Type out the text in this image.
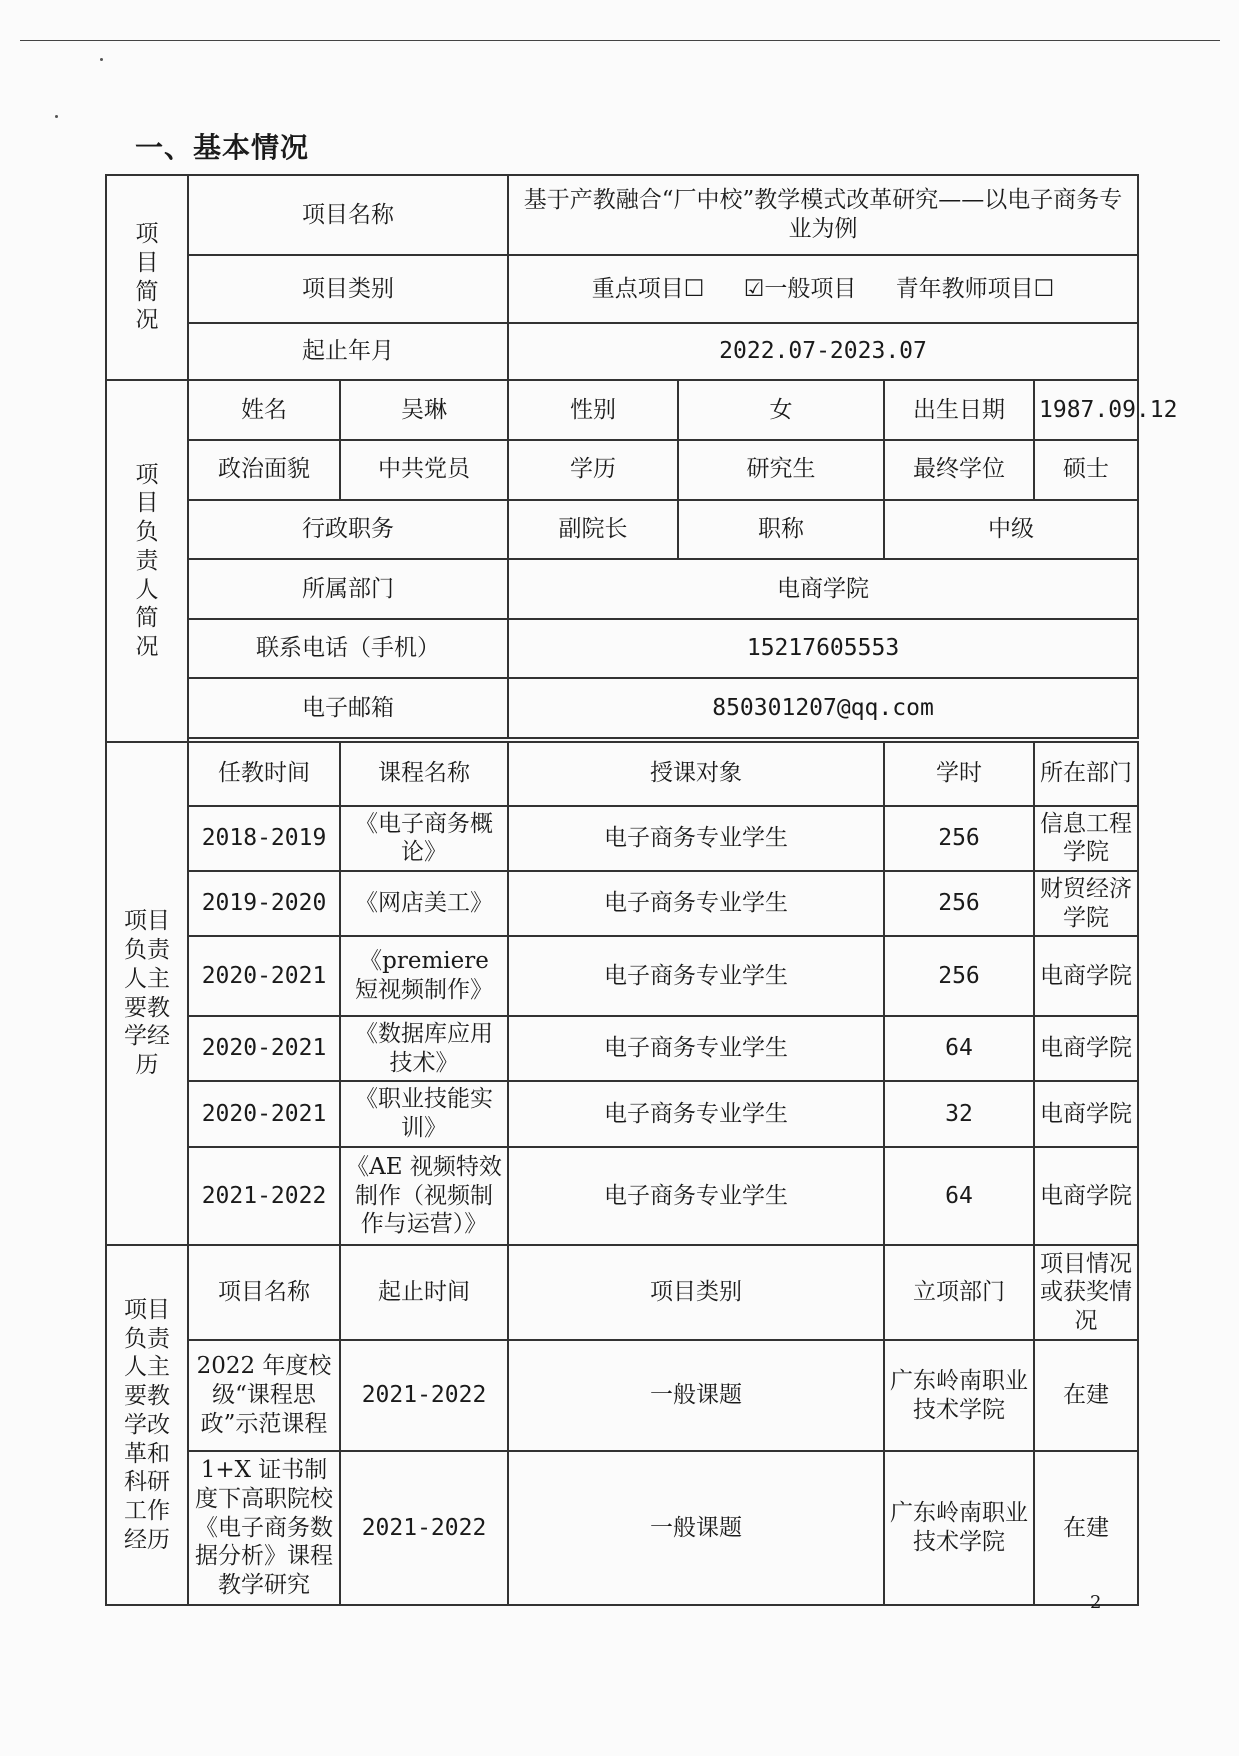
一、基本情况
项目简况	项目名称		基于产教融合“厂中校”教学模式改革研究——以电子商务专业为例			
	项目类别		重点项目☐ ☑一般项目 青年教师项目☐			
	起止年月		2022.07-2023.07			
项目负责人简况	姓名	吴琳	性别	女	出生日期	1987.09.12
	政治面貌	中共党员	学历	研究生	最终学位	硕士
	行政职务		副院长	职称	中级	
	所属部门		电商学院			
	联系电话（手机）		15217605553			
	电子邮箱		850301207@qq.com			

项目负责人主要教学经历	任教时间	课程名称	授课对象		学时	所在部门
	2018-2019	《电子商务概论》	电子商务专业学生		256	信息工程学院
	2019-2020	《网店美工》	电子商务专业学生		256	财贸经济学院
	2020-2021	《premiere 短视频制作》	电子商务专业学生		256	电商学院
	2020-2021	《数据库应用技术》	电子商务专业学生		64	电商学院
	2020-2021	《职业技能实训》	电子商务专业学生		32	电商学院
	2021-2022	《AE 视频特效制作（视频制作与运营）》	电子商务专业学生		64	电商学院
项目负责人主要教学改革和科研工作经历	项目名称	起止时间	项目类别		立项部门	项目情况或获奖情况
	2022 年度校级“课程思政”示范课程	2021-2022	一般课题		广东岭南职业技术学院	在建
	1+X 证书制度下高职院校《电子商务数据分析》课程教学研究	2021-2022	一般课题		广东岭南职业技术学院	在建
2
